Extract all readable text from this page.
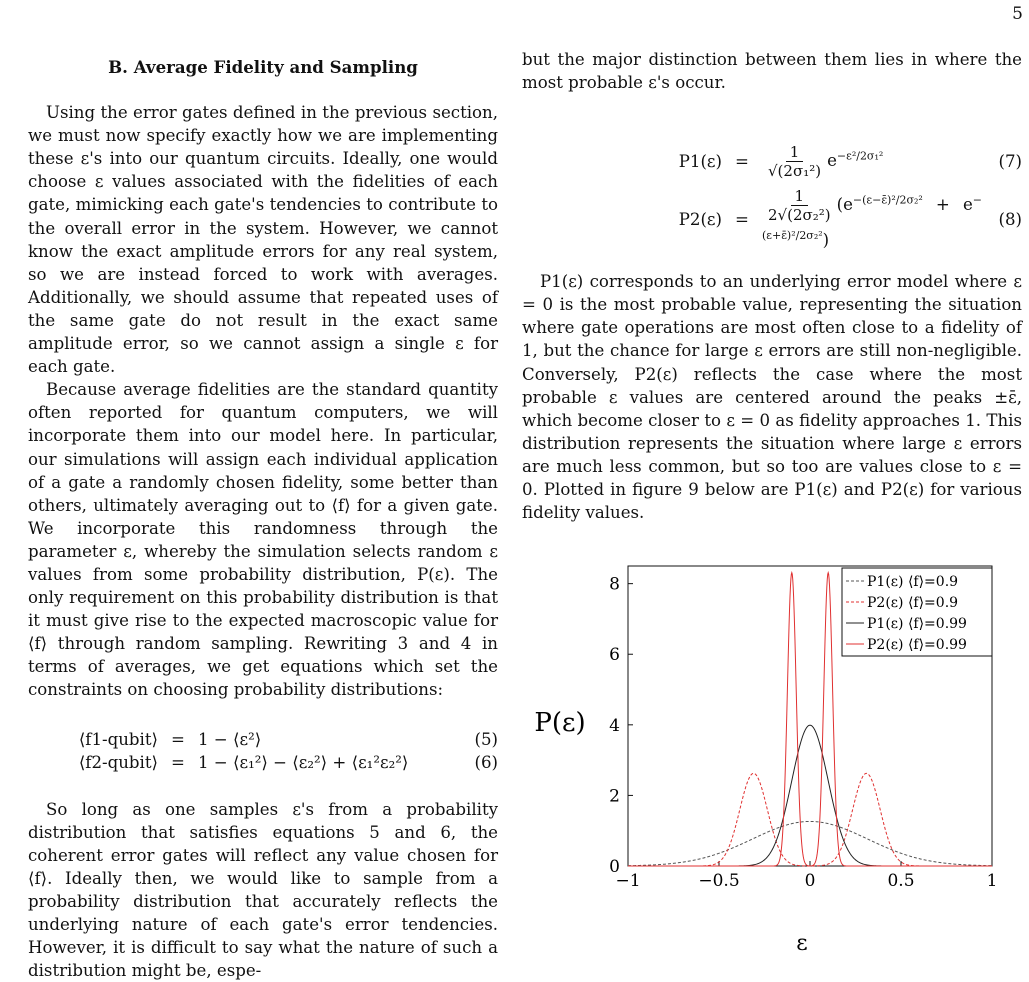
5
B. Average Fidelity and Sampling

Using the error gates defined in the previous section, we must now specify exactly how we are implementing these ε's into our quantum circuits. Ideally, one would choose ε values associated with the fidelities of each gate, mimicking each gate's tendencies to contribute to the overall error in the system. However, we cannot know the exact amplitude errors for any real system, so we are instead forced to work with averages. Additionally, we should assume that repeated uses of the same gate do not result in the exact same amplitude error, so we cannot assign a single ε for each gate.

Because average fidelities are the standard quantity often reported for quantum computers, we will incorporate them into our model here. In particular, our simulations will assign each individual application of a gate a randomly chosen fidelity, some better than others, ultimately averaging out to ⟨f⟩ for a given gate. We incorporate this randomness through the parameter ε, whereby the simulation selects random ε values from some probability distribution, P(ε). The only requirement on this probability distribution is that it must give rise to the expected macroscopic value for ⟨f⟩ through random sampling. Rewriting 3 and 4 in terms of averages, we get equations which set the constraints on choosing probability distributions:

⟨f1-qubit⟩ = 1 − ⟨ε²⟩	(5)
⟨f2-qubit⟩ = 1 − ⟨ε₁²⟩ − ⟨ε₂²⟩ + ⟨ε₁²ε₂²⟩	(6)

So long as one samples ε's from a probability distribution that satisfies equations 5 and 6, the coherent error gates will reflect any value chosen for ⟨f⟩. Ideally then, we would like to sample from a probability distribution that accurately reflects the underlying nature of each gate's error tendencies. However, it is difficult to say what the nature of such a distribution might be, espe-

but the major distinction between them lies in where the most probable ε's occur.

P1(ε) =	$\frac{1}{\text{√(2σ₁²)}} e^{-\varepsilon^2/2\sigma_1^2}$	(7)
P2(ε) =	$\frac{1}{\text{2√(2σ₂²)}} (e^{-(\varepsilon-\varepsilon̄)^2/2\sigma_2^2} + e^{-(\varepsilon+\varepsilon̄)^2/2\sigma_2^2})$
(8)

P1(ε) corresponds to an underlying error model where ε = 0 is the most probable value, representing the situation where gate operations are most often close to a fidelity of 1, but the chance for large ε errors are still non-negligible. Conversely, P2(ε) reflects the case where the most probable ε values are centered around the peaks ±ε̄, which become closer to ε = 0 as fidelity approaches 1. This distribution represents the situation where large ε errors are much less common, but so too are values close to ε = 0. Plotted in figure 9 below are P1(ε) and P2(ε) for various fidelity values.

P(ε)
ε
−1	−0.5	0	0.5	1
0
2
4
6
8	P1(ε) ⟨f⟩=0.9
P2(ε) ⟨f⟩=0.9
P1(ε) ⟨f⟩=0.99
P2(ε) ⟨f⟩=0.99
